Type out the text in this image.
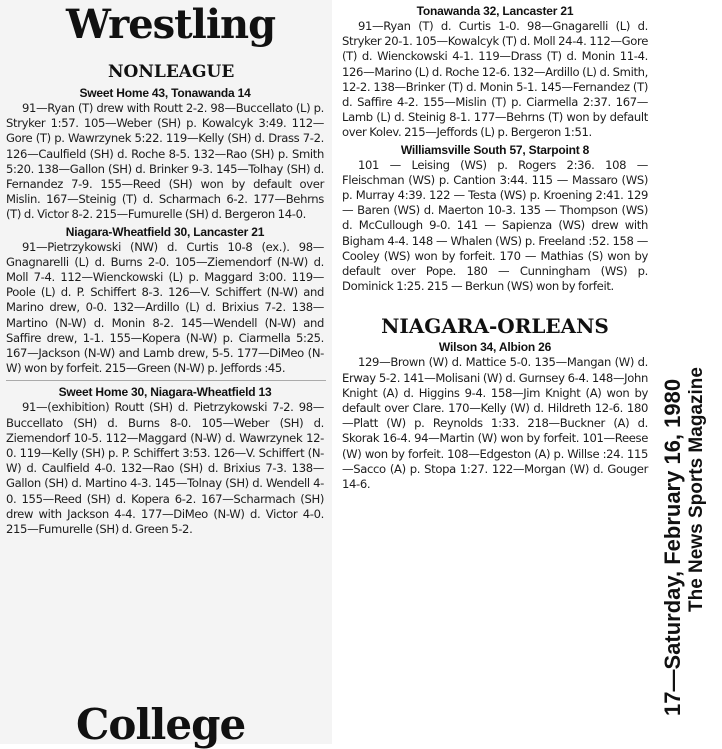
Wrestling
NONLEAGUE
Sweet Home 43, Tonawanda 14

91—Ryan (T) drew with Routt 2-2. 98—Buccellato (L) p. Stryker 1:57. 105—Weber (SH) p. Kowalcyk 3:49. 112—Gore (T) p. Wawrzynek 5:22. 119—Kelly (SH) d. Drass 7-2. 126—Caulfield (SH) d. Roche 8-5. 132—Rao (SH) p. Smith 5:20. 138—Gallon (SH) d. Brinker 9-3. 145—Tolhay (SH) d. Fernandez 7-9. 155—Reed (SH) won by default over Mislin. 167—Steinig (T) d. Scharmach 6-2. 177—Behrns (T) d. Victor 8-2. 215—Fumurelle (SH) d. Bergeron 14-0.

Niagara-Wheatfield 30, Lancaster 21

91—Pietrzykowski (NW) d. Curtis 10-8 (ex.). 98—Gnagnarelli (L) d. Burns 2-0. 105—Ziemendorf (N-W) d. Moll 7-4. 112—Wienckowski (L) p. Maggard 3:00. 119—Poole (L) d. P. Schiffert 8-3. 126—V. Schiffert (N-W) and Marino drew, 0-0. 132—Ardillo (L) d. Brixius 7-2. 138—Martino (N-W) d. Monin 8-2. 145—Wendell (N-W) and Saffire drew, 1-1. 155—Kopera (N-W) p. Ciarmella 5:25. 167—Jackson (N-W) and Lamb drew, 5-5. 177—DiMeo (N-W) won by forfeit. 215—Green (N-W) p. Jeffords :45.

Sweet Home 30, Niagara-Wheatfield 13

91—(exhibition) Routt (SH) d. Pietrzykowski 7-2. 98—Buccellato (SH) d. Burns 8-0. 105—Weber (SH) d. Ziemendorf 10-5. 112—Maggard (N-W) d. Wawrzynek 12-0. 119—Kelly (SH) p. P. Schiffert 3:53. 126—V. Schiffert (N-W) d. Caulfield 4-0. 132—Rao (SH) d. Brixius 7-3. 138—Gallon (SH) d. Martino 4-3. 145—Tolnay (SH) d. Wendell 4-0. 155—Reed (SH) d. Kopera 6-2. 167—Scharmach (SH) drew with Jackson 4-4. 177—DiMeo (N-W) d. Victor 4-0. 215—Fumurelle (SH) d. Green 5-2.

College
Tonawanda 32, Lancaster 21

91—Ryan (T) d. Curtis 1-0. 98—Gnagarelli (L) d. Stryker 20-1. 105—Kowalcyk (T) d. Moll 24-4. 112—Gore (T) d. Wienckowski 4-1. 119—Drass (T) d. Monin 11-4. 126—Marino (L) d. Roche 12-6. 132—Ardillo (L) d. Smith, 12-2. 138—Brinker (T) d. Monin 5-1. 145—Fernandez (T) d. Saffire 4-2. 155—Mislin (T) p. Ciarmella 2:37. 167—Lamb (L) d. Steinig 8-1. 177—Behrns (T) won by default over Kolev. 215—Jeffords (L) p. Bergeron 1:51.

Williamsville South 57, Starpoint 8

101 — Leising (WS) p. Rogers 2:36. 108 — Fleischman (WS) p. Cantion 3:44. 115 — Massaro (WS) p. Murray 4:39. 122 — Testa (WS) p. Kroening 2:41. 129 — Baren (WS) d. Maerton 10-3. 135 — Thompson (WS) d. McCullough 9-0. 141 — Sapienza (WS) drew with Bigham 4-4. 148 — Whalen (WS) p. Freeland :52. 158 — Cooley (WS) won by forfeit. 170 — Mathias (S) won by default over Pope. 180 — Cunningham (WS) p. Dominick 1:25. 215 — Berkun (WS) won by forfeit.

NIAGARA-ORLEANS
Wilson 34, Albion 26

129—Brown (W) d. Mattice 5-0. 135—Mangan (W) d. Erway 5-2. 141—Molisani (W) d. Gurnsey 6-4. 148—John Knight (A) d. Higgins 9-4. 158—Jim Knight (A) won by default over Clare. 170—Kelly (W) d. Hildreth 12-6. 180—Platt (W) p. Reynolds 1:33. 218—Buckner (A) d. Skorak 16-4. 94—Martin (W) won by forfeit. 101—Reese (W) won by forfeit. 108—Edgeston (A) p. Willse :24. 115—Sacco (A) p. Stopa 1:27. 122—Morgan (W) d. Gouger 14-6.	17—Saturday, February 16, 1980 The News Sports Magazine
